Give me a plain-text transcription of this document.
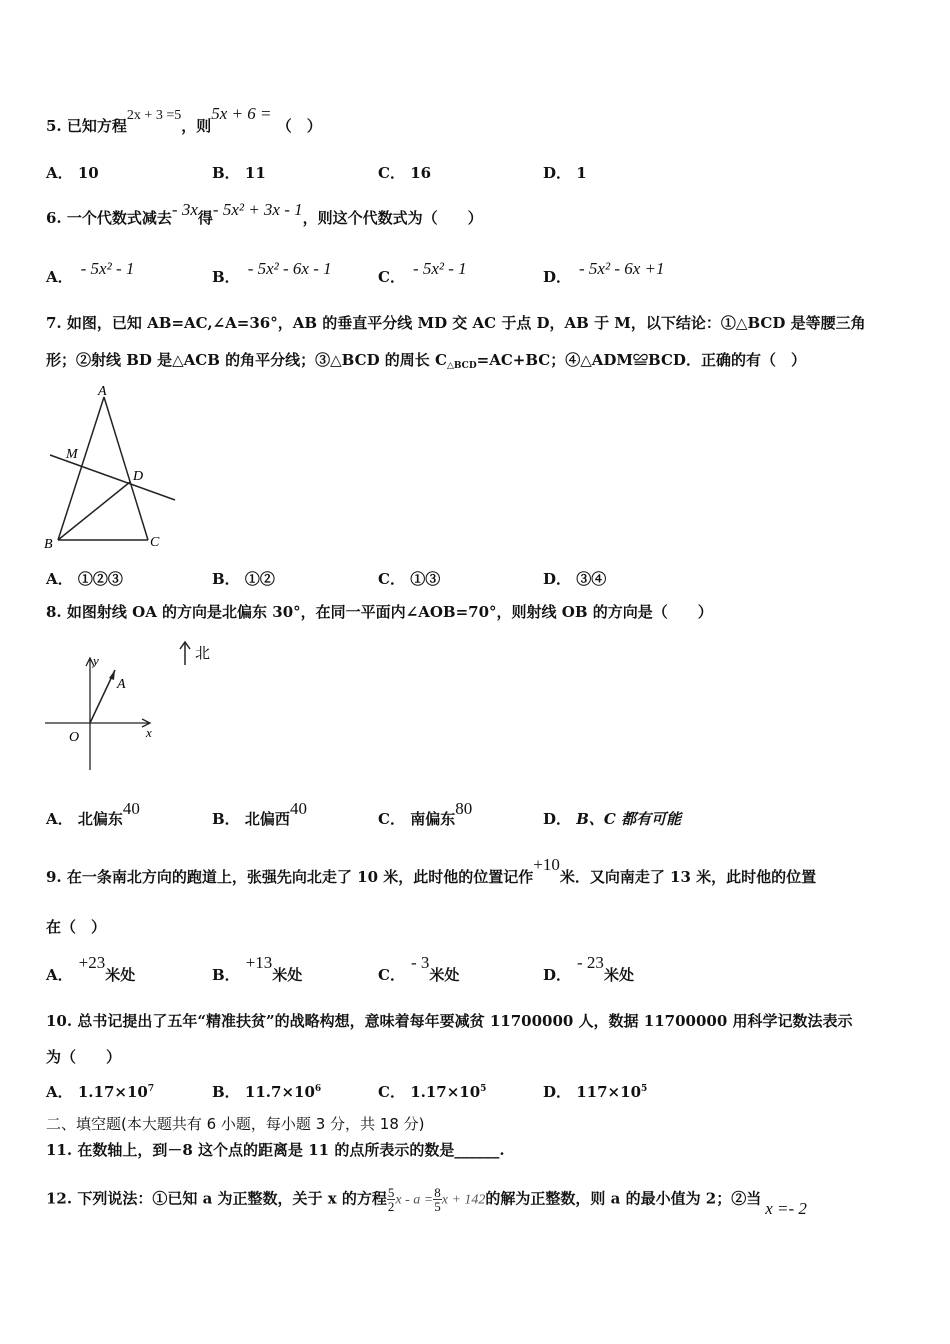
5. 已知方程2x + 3 =5，则5x + 6 = （　）
A． 10	B． 11	C． 16	D． 1
6. 一个代数式减去- 3x得- 5x² + 3x - 1，则这个代数式为（　　）
A． - 5x² - 1	B． - 5x² - 6x - 1	C． - 5x² - 1	D． - 5x² - 6x +1
7. 如图，已知 AB=AC,∠A=36°，AB 的垂直平分线 MD 交 AC 于点 D，AB 于 M，以下结论：①△BCD 是等腰三角
形；②射线 BD 是△ACB 的角平分线；③△BCD 的周长 $C_{\triangle BCD}=AC+BC$；④△ADM≌BCD．正确的有（　）
A
M
D
B	C
A． ①②③	B． ①②	C． ①③	D． ③④
8. 如图射线 OA 的方向是北偏东 30°，在同一平面内∠AOB=70°，则射线 OB 的方向是（　　）
北
y
x
A
O
A． 北偏东40
B． 北偏西40
C． 南偏东80
D． B、C 都有可能
9. 在一条南北方向的跑道上，张强先向北走了 10 米，此时他的位置记作+10米．又向南走了 13 米，此时他的位置
在（　）
A．+23米处	B．+13米处	C．- 3米处	D．- 23米处
10. 总书记提出了五年“精准扶贫”的战略构想，意味着每年要减贫 11700000 人，数据 11700000 用科学记数法表示
为（　　）
A． $1.17\times 10^7$	B． $11.7\times 10^6$	C． $1.17\times 10^5$	D． $117\times 10^5$
二、填空题(本大题共有 6 小题，每小题 3 分，共 18 分)
11. 在数轴上，到－8 这个点的距离是 11 的点所表示的数是______.
12. 下列说法：①已知 a 为正整数，关于 x 的方程 $\frac{5}{2}$ $x - a = \frac{8}{5}$ x + 142的解为正整数，则 a 的最小值为 2；②当 x =- 2
